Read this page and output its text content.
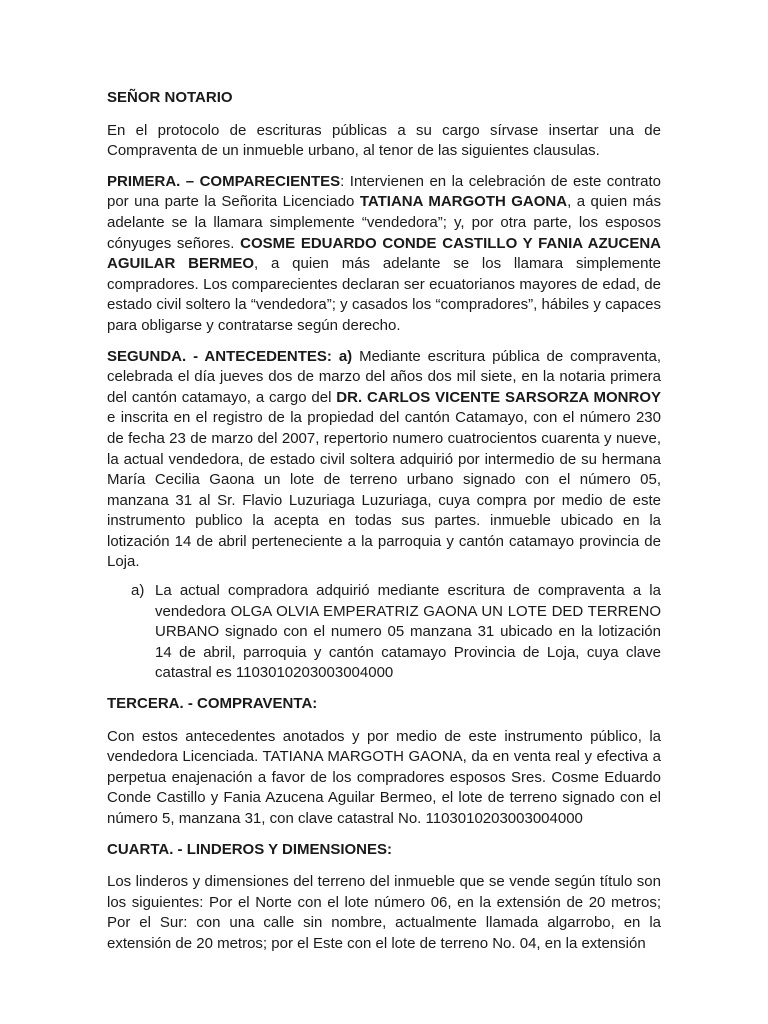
SEÑOR NOTARIO
En el protocolo de escrituras públicas a su cargo sírvase insertar una de Compraventa de un inmueble urbano, al tenor de las siguientes clausulas.
PRIMERA. – COMPARECIENTES: Intervienen en la celebración de este contrato por una parte la Señorita Licenciado TATIANA MARGOTH GAONA, a quien más adelante se la llamara simplemente “vendedora”; y, por otra parte, los esposos cónyuges señores. COSME EDUARDO CONDE CASTILLO Y FANIA AZUCENA AGUILAR BERMEO, a quien más adelante se los llamara simplemente compradores. Los comparecientes declaran ser ecuatorianos mayores de edad, de estado civil soltero la “vendedora”; y casados los “compradores”, hábiles y capaces para obligarse y contratarse según derecho.
SEGUNDA. - ANTECEDENTES: a) Mediante escritura pública de compraventa, celebrada el día jueves dos de marzo del años dos mil siete, en la notaria primera del cantón catamayo, a cargo del DR. CARLOS VICENTE SARSORZA MONROY e inscrita en el registro de la propiedad del cantón Catamayo, con el número 230 de fecha 23 de marzo del 2007, repertorio numero cuatrocientos cuarenta y nueve, la actual vendedora, de estado civil soltera adquirió por intermedio de su hermana María Cecilia Gaona un lote de terreno urbano signado con el número 05, manzana 31 al Sr. Flavio Luzuriaga Luzuriaga, cuya compra por medio de este instrumento publico la acepta en todas sus partes. inmueble ubicado en la lotización 14 de abril perteneciente a la parroquia y cantón catamayo provincia de Loja.
a) La actual compradora adquirió mediante escritura de compraventa a la vendedora OLGA OLVIA EMPERATRIZ GAONA UN LOTE DED TERRENO URBANO signado con el numero 05 manzana 31 ubicado en la lotización 14 de abril, parroquia y cantón catamayo Provincia de Loja, cuya clave catastral es 1103010203003004000
TERCERA. - COMPRAVENTA:
Con estos antecedentes anotados y por medio de este instrumento público, la vendedora Licenciada. TATIANA MARGOTH GAONA, da en venta real y efectiva a perpetua enajenación a favor de los compradores esposos Sres. Cosme Eduardo Conde Castillo y Fania Azucena Aguilar Bermeo, el lote de terreno signado con el número 5, manzana 31, con clave catastral No. 1103010203003004000
CUARTA. - LINDEROS Y DIMENSIONES:
Los linderos y dimensiones del terreno del inmueble que se vende según título son los siguientes: Por el Norte con el lote número 06, en la extensión de 20 metros; Por el Sur: con una calle sin nombre, actualmente llamada algarrobo, en la extensión de 20 metros; por el Este con el lote de terreno No. 04, en la extensión
